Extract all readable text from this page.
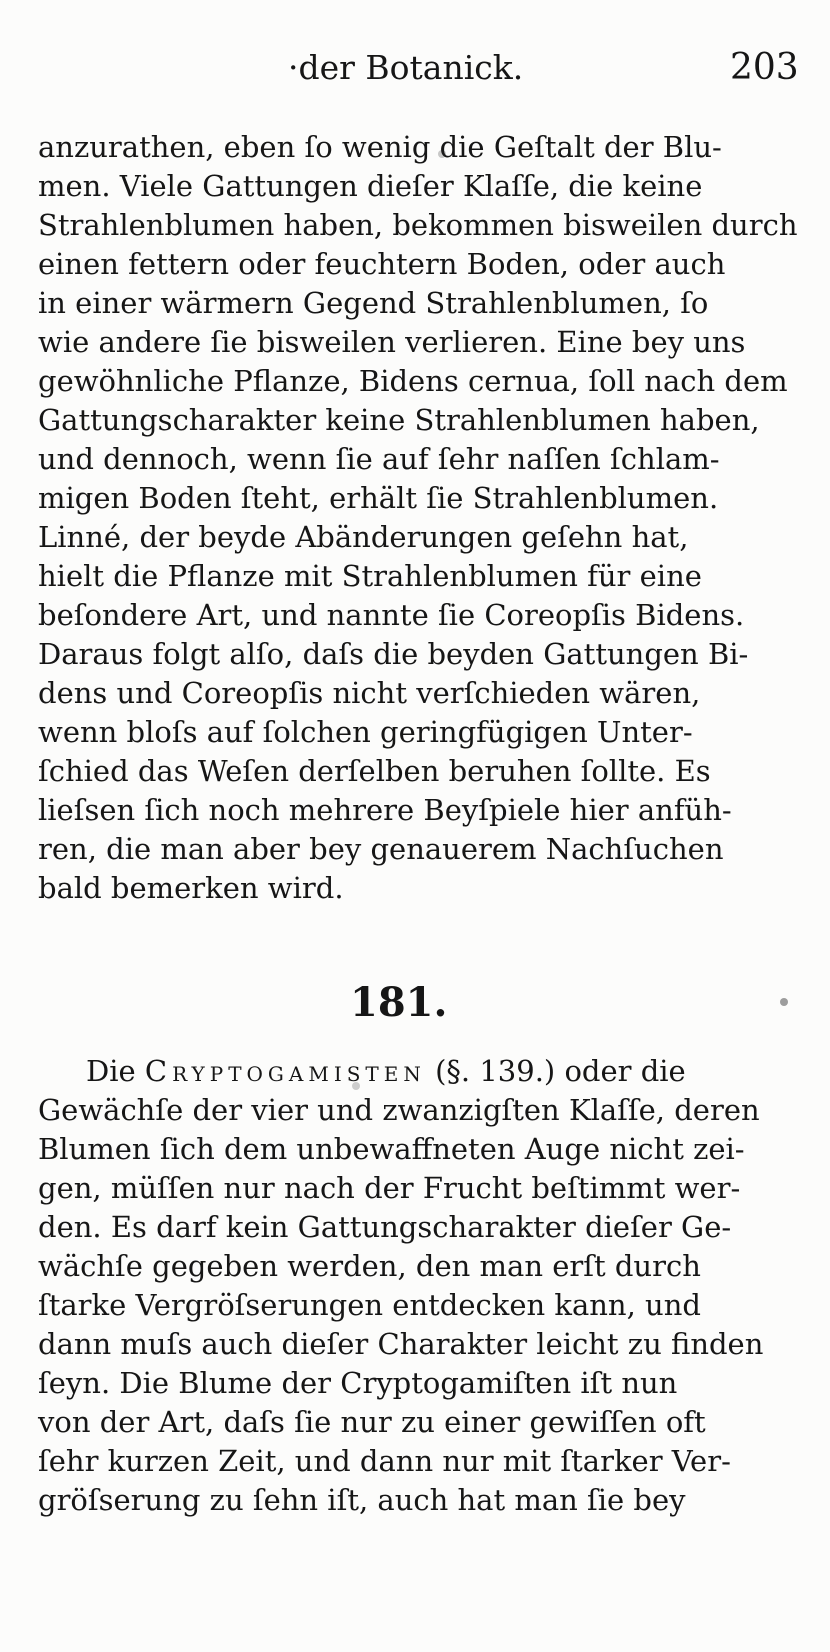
·der Botanick.	203
anzurathen, eben ſo wenig die Geſtalt der Blu-
men. Viele Gattungen dieſer Klaſſe, die keine
Strahlenblumen haben, bekommen bisweilen durch
einen fettern oder feuchtern Boden, oder auch
in einer wärmern Gegend Strahlenblumen, ſo
wie andere ſie bisweilen verlieren. Eine bey uns
gewöhnliche Pflanze, Bidens cernua, ſoll nach dem
Gattungscharakter keine Strahlenblumen haben,
und dennoch, wenn ſie auf ſehr naſſen ſchlam-
migen Boden ſteht, erhält ſie Strahlenblumen.
Linné, der beyde Abänderungen geſehn hat,
hielt die Pflanze mit Strahlenblumen für eine
beſondere Art, und nannte ſie Coreopſis Bidens.
Daraus folgt alſo, daſs die beyden Gattungen Bi-
dens und Coreopſis nicht verſchieden wären,
wenn bloſs auf ſolchen geringfügigen Unter-
ſchied das Weſen derſelben beruhen ſollte. Es
lieſsen ſich noch mehrere Beyſpiele hier anfüh-
ren, die man aber bey genauerem Nachſuchen
bald bemerken wird.
181.
Die Cryptogamisten (§. 139.) oder die
Gewächſe der vier und zwanzigſten Klaſſe, deren
Blumen ſich dem unbewaffneten Auge nicht zei-
gen, müſſen nur nach der Frucht beſtimmt wer-
den. Es darf kein Gattungscharakter dieſer Ge-
wächſe gegeben werden, den man erſt durch
ſtarke Vergröſserungen entdecken kann, und
dann muſs auch dieſer Charakter leicht zu finden
ſeyn. Die Blume der Cryptogamiſten iſt nun
von der Art, daſs ſie nur zu einer gewiſſen oft
ſehr kurzen Zeit, und dann nur mit ſtarker Ver-
gröſserung zu ſehn iſt, auch hat man ſie bey
